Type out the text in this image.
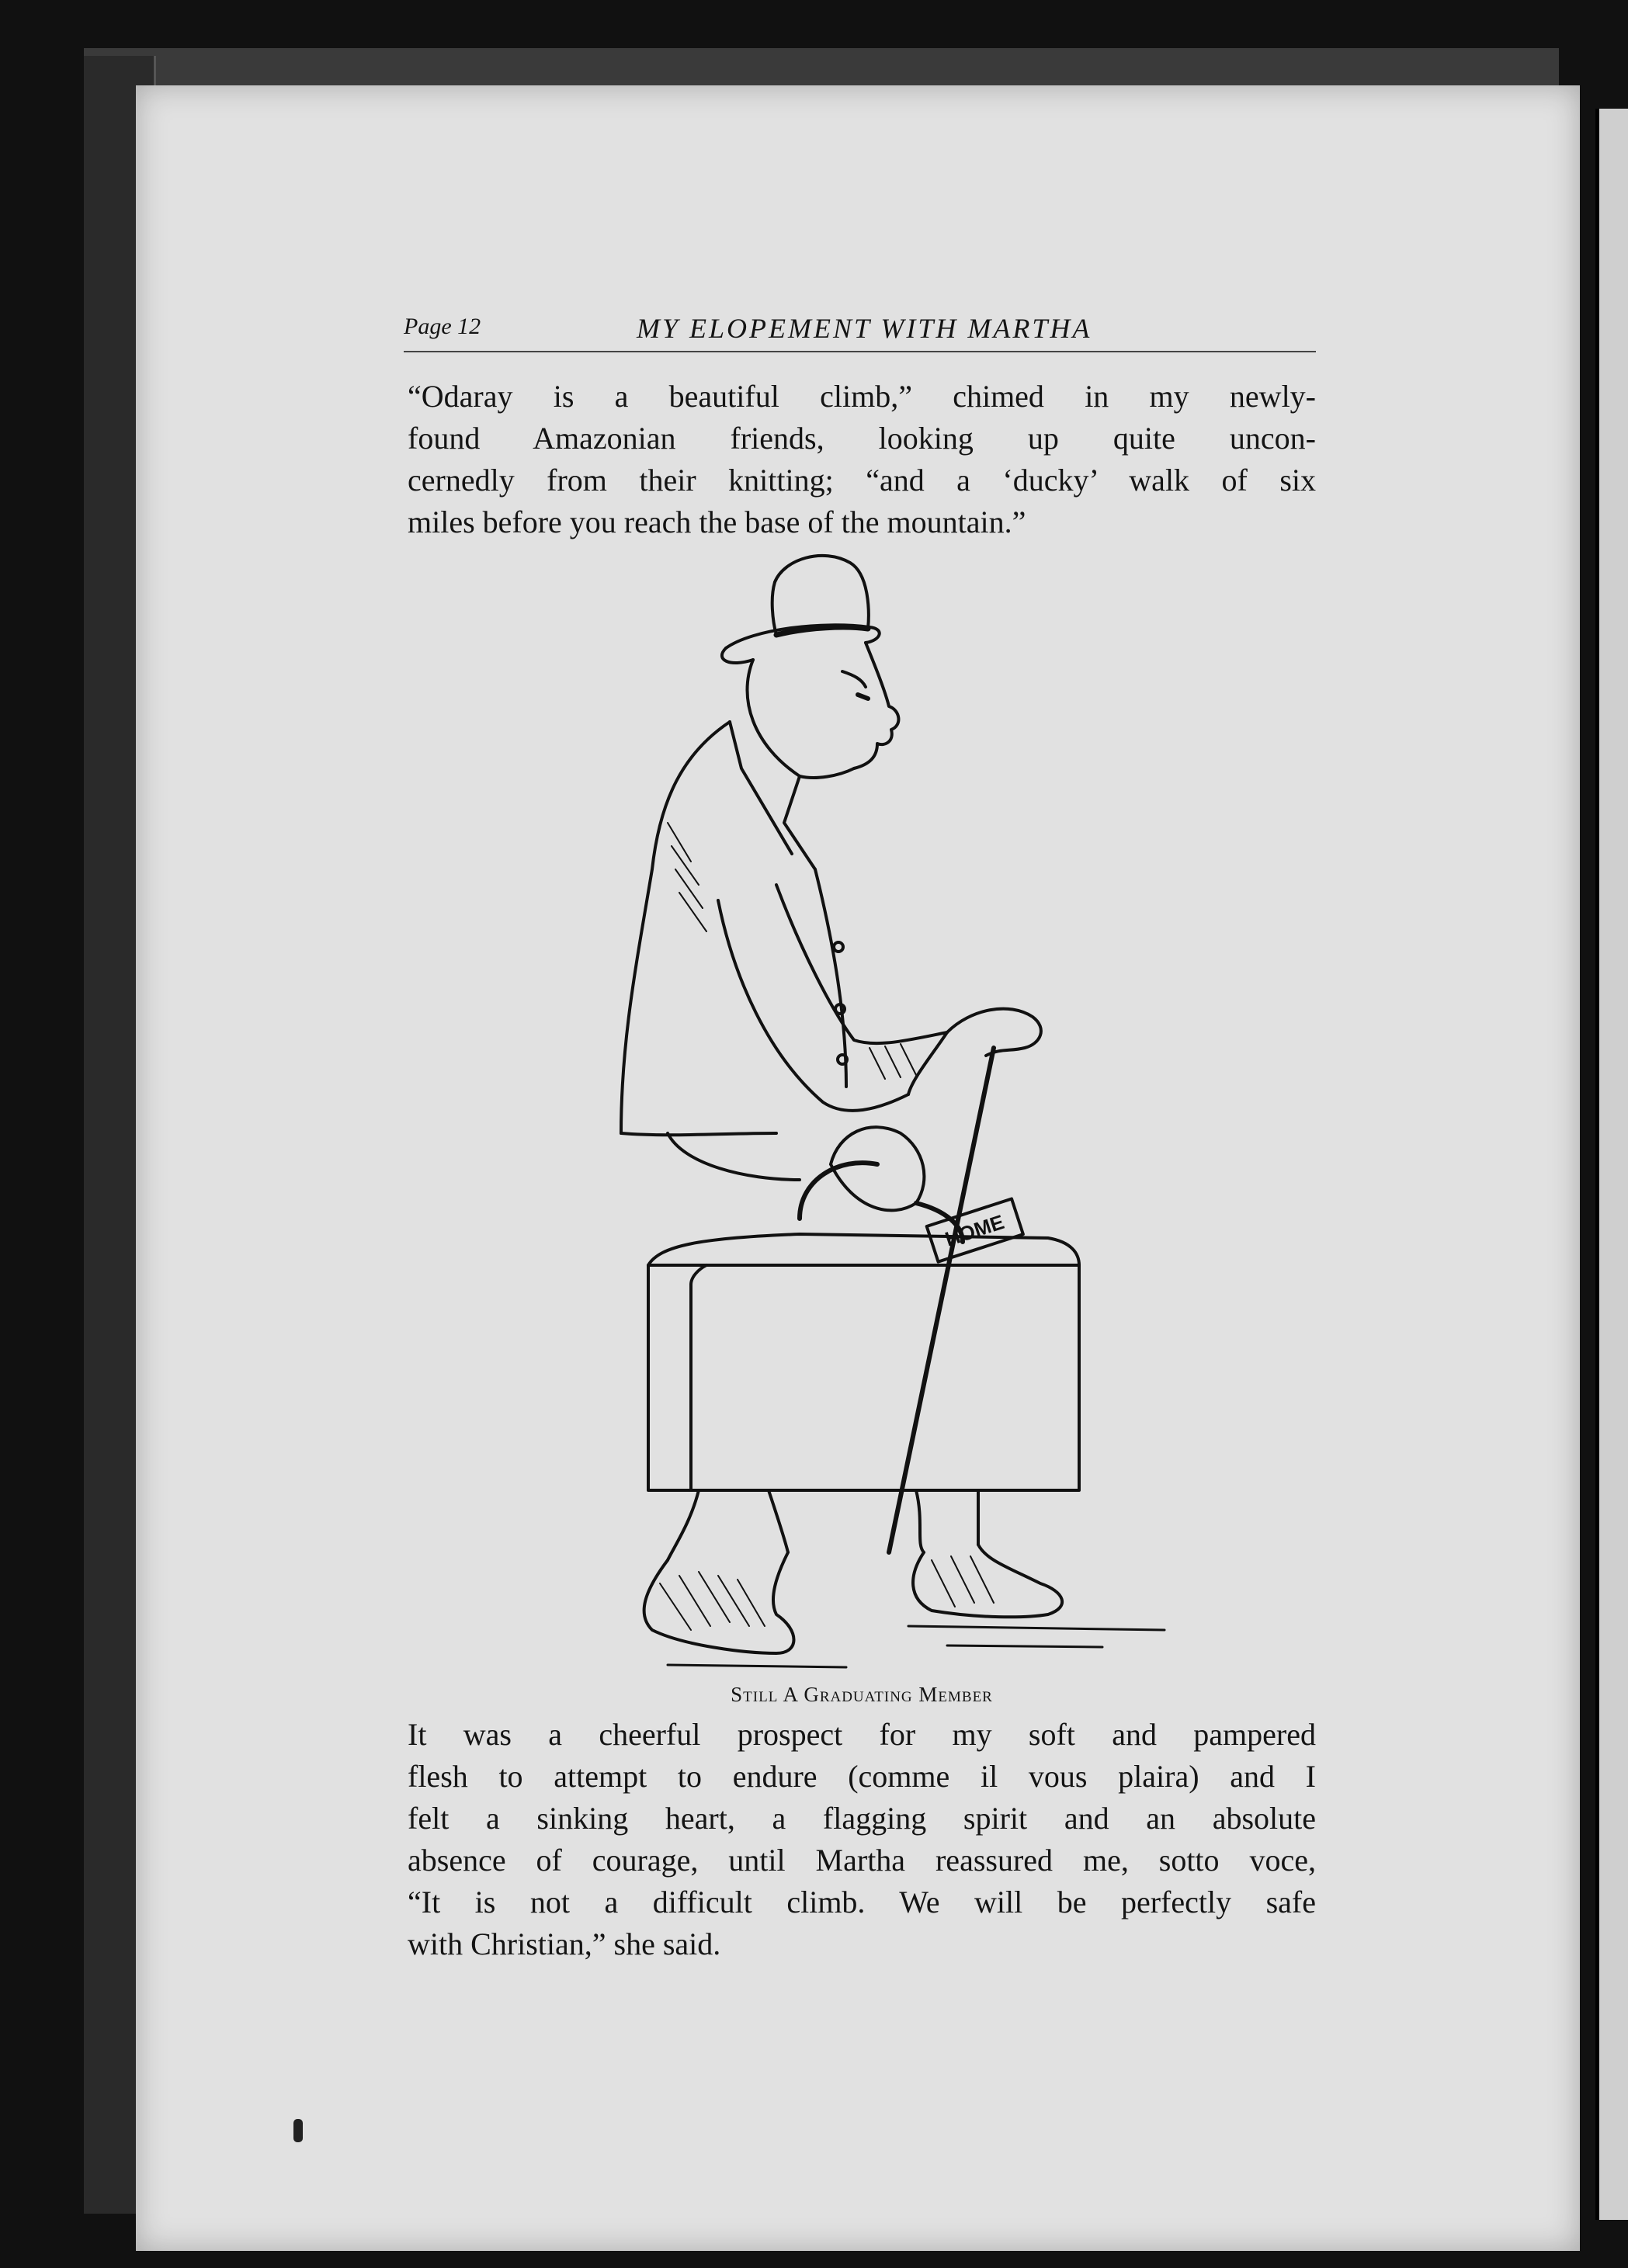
Page 12	MY ELOPEMENT WITH MARTHA
“Odaray is a beautiful climb,” chimed in my newly-
found Amazonian friends, looking up quite uncon-
cernedly from their knitting; “and a ‘ducky’ walk of six
miles before you reach the base of the mountain.”
HOME
Still A Graduating Member
It was a cheerful prospect for my soft and pampered
flesh to attempt to endure (comme il vous plaira) and I
felt a sinking heart, a flagging spirit and an absolute
absence of courage, until Martha reassured me, sotto voce,
“It is not a difficult climb. We will be perfectly safe
with Christian,” she said.
